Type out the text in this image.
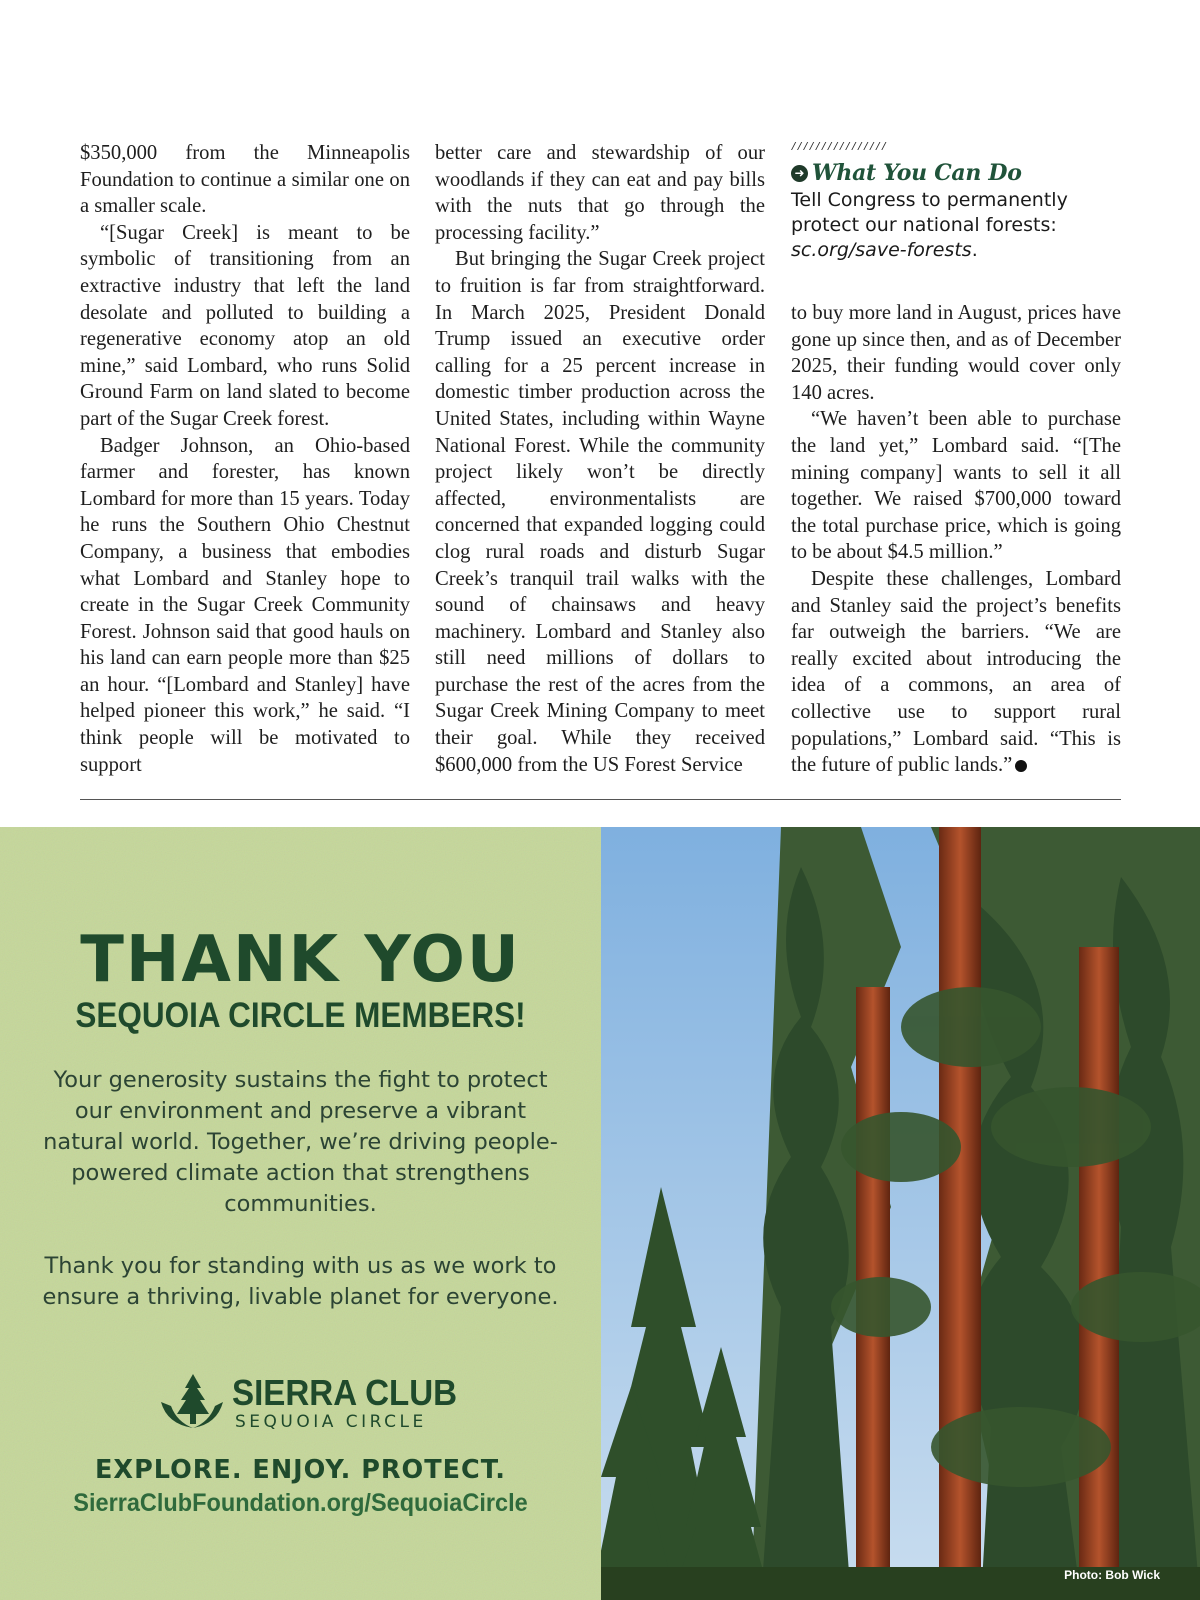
$350,000 from the Minneapolis Foundation to continue a similar one on a smaller scale.

“[Sugar Creek] is meant to be symbolic of transitioning from an extractive industry that left the land desolate and polluted to building a regenerative economy atop an old mine,” said Lombard, who runs Solid Ground Farm on land slated to become part of the Sugar Creek forest.

Badger Johnson, an Ohio-based farmer and forester, has known Lombard for more than 15 years. Today he runs the Southern Ohio Chestnut Company, a business that embodies what Lombard and Stanley hope to create in the Sugar Creek Community Forest. Johnson said that good hauls on his land can earn people more than $25 an hour. “[Lombard and Stanley] have helped pioneer this work,” he said. “I think people will be motivated to support

better care and stewardship of our woodlands if they can eat and pay bills with the nuts that go through the processing facility.”

But bringing the Sugar Creek project to fruition is far from straightforward. In March 2025, President Donald Trump issued an executive order calling for a 25 percent increase in domestic timber production across the United States, including within Wayne National Forest. While the community project likely won’t be directly affected, environmentalists are concerned that expanded logging could clog rural roads and disturb Sugar Creek’s tranquil trail walks with the sound of chainsaws and heavy machinery. Lombard and Stanley also still need millions of dollars to purchase the rest of the acres from the Sugar Creek Mining Company to meet their goal. While they received $600,000 from the US Forest Service

////////////////
➜ What You Can Do
Tell Congress to permanently protect our national forests: sc.org/save-forests.

to buy more land in August, prices have gone up since then, and as of December 2025, their funding would cover only 140 acres.

“We haven’t been able to purchase the land yet,” Lombard said. “[The mining company] wants to sell it all together. We raised $700,000 toward the total purchase price, which is going to be about $4.5 million.”

Despite these challenges, Lombard and Stanley said the project’s benefits far outweigh the barriers. “We are really excited about introducing the idea of a commons, an area of collective use to support rural populations,” Lombard said. “This is the future of public lands.”

THANK YOU
SEQUOIA CIRCLE MEMBERS!
Your generosity sustains the fight to protect our environment and preserve a vibrant natural world. Together, we’re driving people-powered climate action that strengthens communities.
Thank you for standing with us as we work to ensure a thriving, livable planet for everyone.
SIERRA CLUB
SEQUOIA CIRCLE
EXPLORE. ENJOY. PROTECT.
SierraClubFoundation.org/SequoiaCircle
Photo: Bob Wick
